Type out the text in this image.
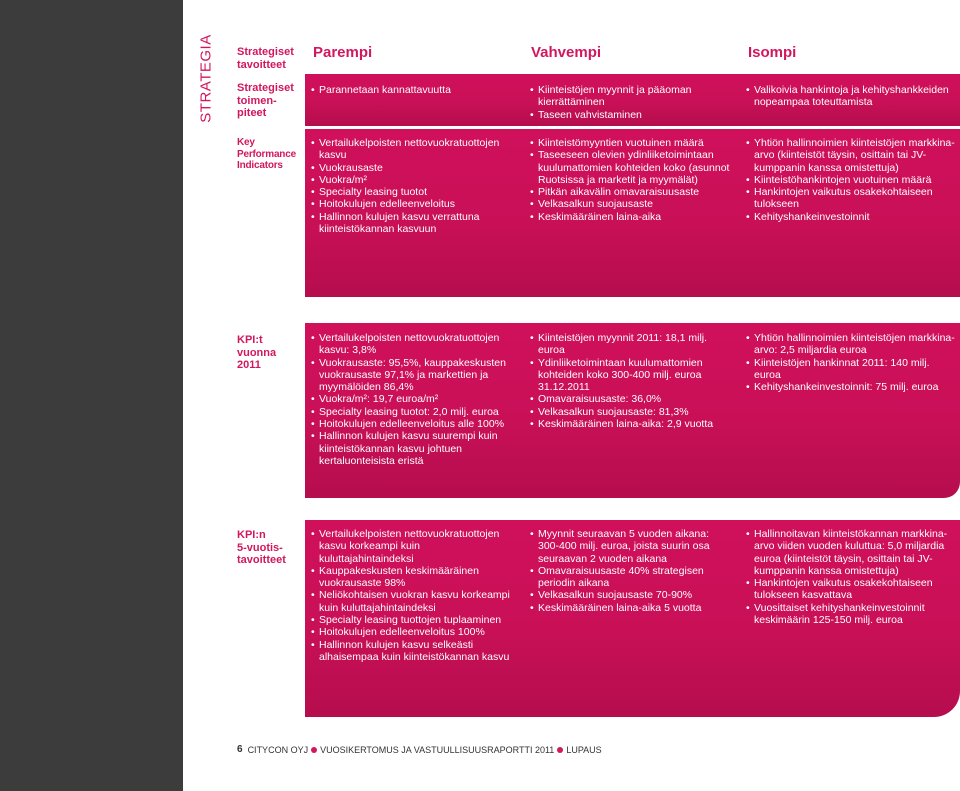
STRATEGIA Strategiset
tavoitteet
Strategiset
toimen-
piteet
Key
Performance
Indicators
KPI:t
vuonna
2011
KPI:n
5-vuotis-
tavoitteet
Parempi	Vahvempi	Isompi
• Parannetaan kannattavuutta
•	Kiinteistöjen myynnit ja pääoman kierrättäminen
• Taseen vahvistaminen
• Valikoivia hankintoja ja kehityshankkeiden nopeampaa toteuttamista
• Vertailukelpoisten nettovuokratuottojen kasvu
• Vuokrausaste
• Vuokra/m²
• Specialty leasing tuotot
• Hoitokulujen edelleenveloitus
• Hallinnon kulujen kasvu verrattuna kiinteistökannan kasvuun
• Kiinteistömyyntien vuotuinen määrä
• Taseeseen olevien ydinliiketoimintaan kuulumattomien kohteiden koko (asunnot Ruotsissa ja marketit ja myymälät)
• Pitkän aikavälin omavaraisuusaste
• Velkasalkun suojausaste
• Keskimääräinen laina-aika
• Yhtiön hallinnoimien kiinteistöjen markkina-arvo (kiinteistöt täysin, osittain tai JV-kumppanin kanssa omistettuja)
• Kiinteistöhankintojen vuotuinen määrä
• Hankintojen vaikutus osakekohtaiseen tulokseen
• Kehityshankeinvestoinnit
• Vertailukelpoisten nettovuokratuottojen kasvu: 3,8%
• Vuokrausaste: 95,5%, kauppakeskusten vuokrausaste 97,1% ja markettien ja myymälöiden 86,4%
• Vuokra/m²: 19,7 euroa/m²
• Specialty leasing tuotot: 2,0 milj. euroa
• Hoitokulujen edelleenveloitus alle 100%
• Hallinnon kulujen kasvu suurempi kuin kiinteistökannan kasvu johtuen kertaluonteisista eristä
• Kiinteistöjen myynnit 2011: 18,1 milj. euroa
• Ydinliiketoimintaan kuulumattomien kohteiden koko 300-400 milj. euroa 31.12.2011
• Omavaraisuusaste: 36,0%
• Velkasalkun suojausaste: 81,3%
• Keskimääräinen laina-aika: 2,9 vuotta
• Yhtiön hallinnoimien kiinteistöjen markkina-arvo: 2,5 miljardia euroa
• Kiinteistöjen hankinnat 2011: 140 milj. euroa
• Kehityshankeinvestoinnit: 75 milj. euroa
• Vertailukelpoisten nettovuokratuottojen kasvu korkeampi kuin kuluttajahintaindeksi
• Kauppakeskusten keskimääräinen vuokrausaste 98%
• Neliökohtaisen vuokran kasvu korkeampi kuin kuluttajahintaindeksi
• Specialty leasing tuottojen tuplaaminen
• Hoitokulujen edelleenveloitus 100%
• Hallinnon kulujen kasvu selkeästi alhaisempaa kuin kiinteistökannan kasvu
• Myynnit seuraavan 5 vuoden aikana: 300-400 milj. euroa, joista suurin osa seuraavan 2 vuoden aikana
• Omavaraisuusaste 40% strategisen periodin aikana
• Velkasalkun suojausaste 70-90%
• Keskimääräinen laina-aika 5 vuotta
• Hallinnoitavan kiinteistökannan markkina-arvo viiden vuoden kuluttua: 5,0 miljardia euroa (kiinteistöt täysin, osittain tai JV-kumppanin kanssa omistettuja)
• Hankintojen vaikutus osakekohtaiseen tulokseen kasvattava
• Vuosittaiset kehityshankeinvestoinnit keskimäärin 125-150 milj. euroa
6 CITYCON OYJ VUOSIKERTOMUS JA VASTUULLISUUSRAPORTTI 2011 LUPAUS
